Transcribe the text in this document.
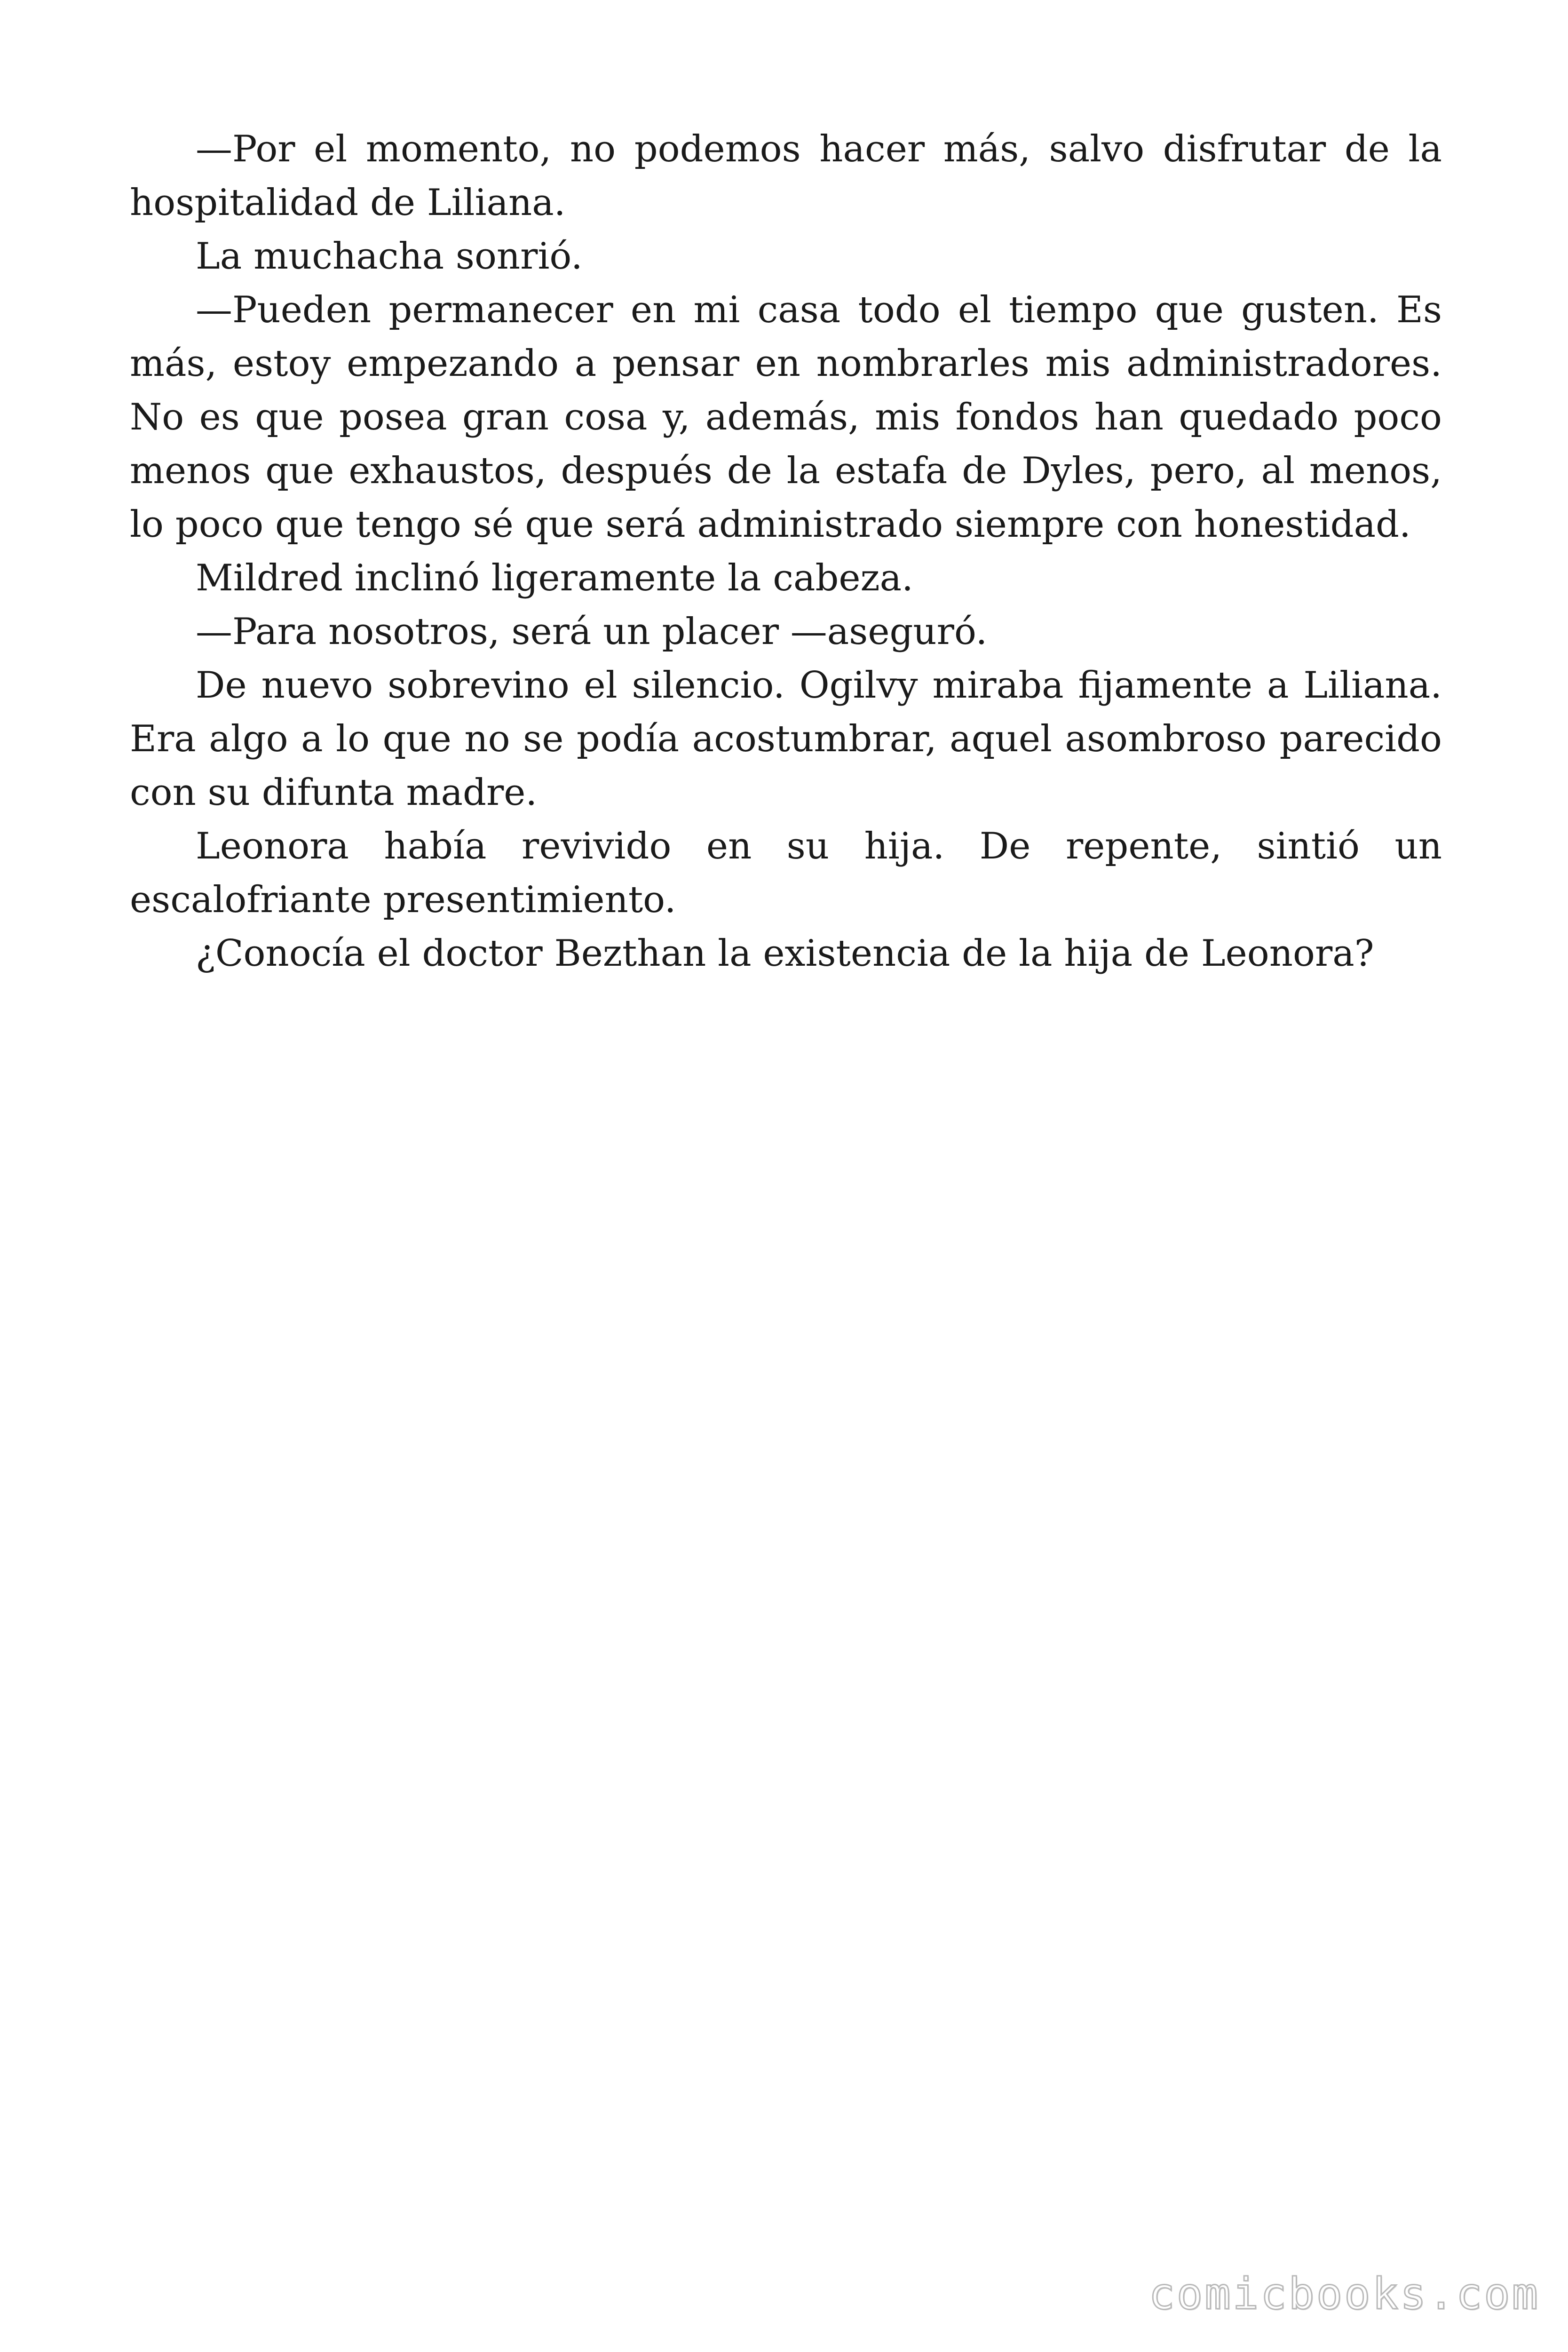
—Por el momento, no podemos hacer más, salvo disfrutar de la hospitalidad de Liliana.

La muchacha sonrió.

—Pueden permanecer en mi casa todo el tiempo que gusten. Es más, estoy empezando a pensar en nombrarles mis administradores. No es que posea gran cosa y, además, mis fondos han quedado poco menos que exhaustos, después de la estafa de Dyles, pero, al menos, lo poco que tengo sé que será administrado siempre con honestidad.

Mildred inclinó ligeramente la cabeza.

—Para nosotros, será un placer —aseguró.

De nuevo sobrevino el silencio. Ogilvy miraba fijamente a Liliana. Era algo a lo que no se podía acostumbrar, aquel asombroso parecido con su difunta madre.

Leonora había revivido en su hija. De repente, sintió un escalofriante presentimiento.

¿Conocía el doctor Bezthan la existencia de la hija de Leonora?

comicbooks.com
